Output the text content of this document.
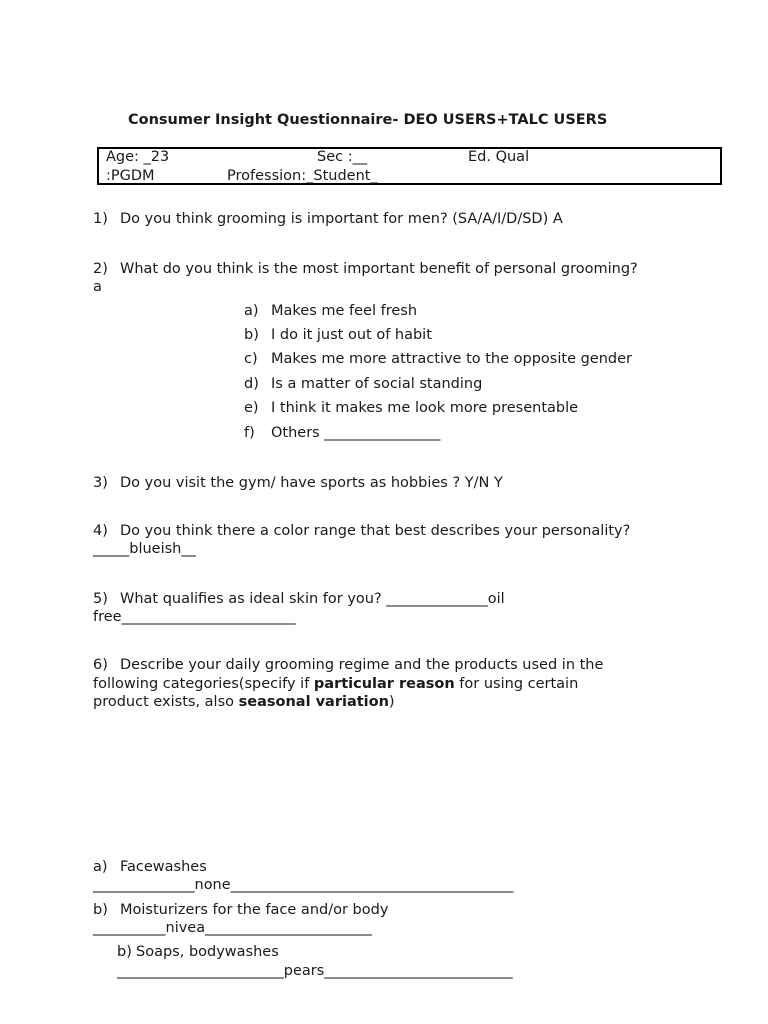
Consumer Insight Questionnaire- DEO USERS+TALC USERS
Age: _23	Sec :__	Ed. Qual
:PGDM	Profession:_Student_
1) Do you think grooming is important for men? (SA/A/I/D/SD) A
2) What do you think is the most important benefit of personal grooming?
a
a) Makes me feel fresh
b) I do it just out of habit
c) Makes me more attractive to the opposite gender
d) Is a matter of social standing
e) I think it makes me look more presentable
f) Others ________________
3) Do you visit the gym/ have sports as hobbies ? Y/N Y
4) Do you think there a color range that best describes your personality?
_____blueish__
5) What qualifies as ideal skin for you? ______________oil
free________________________
6) Describe your daily grooming regime and the products used in the
following categories(specify if particular reason for using certain
product exists, also seasonal variation)
a) Facewashes
______________none_______________________________________
b) Moisturizers for the face and/or body
__________nivea_______________________
b) Soaps, bodywashes
_______________________pears__________________________
